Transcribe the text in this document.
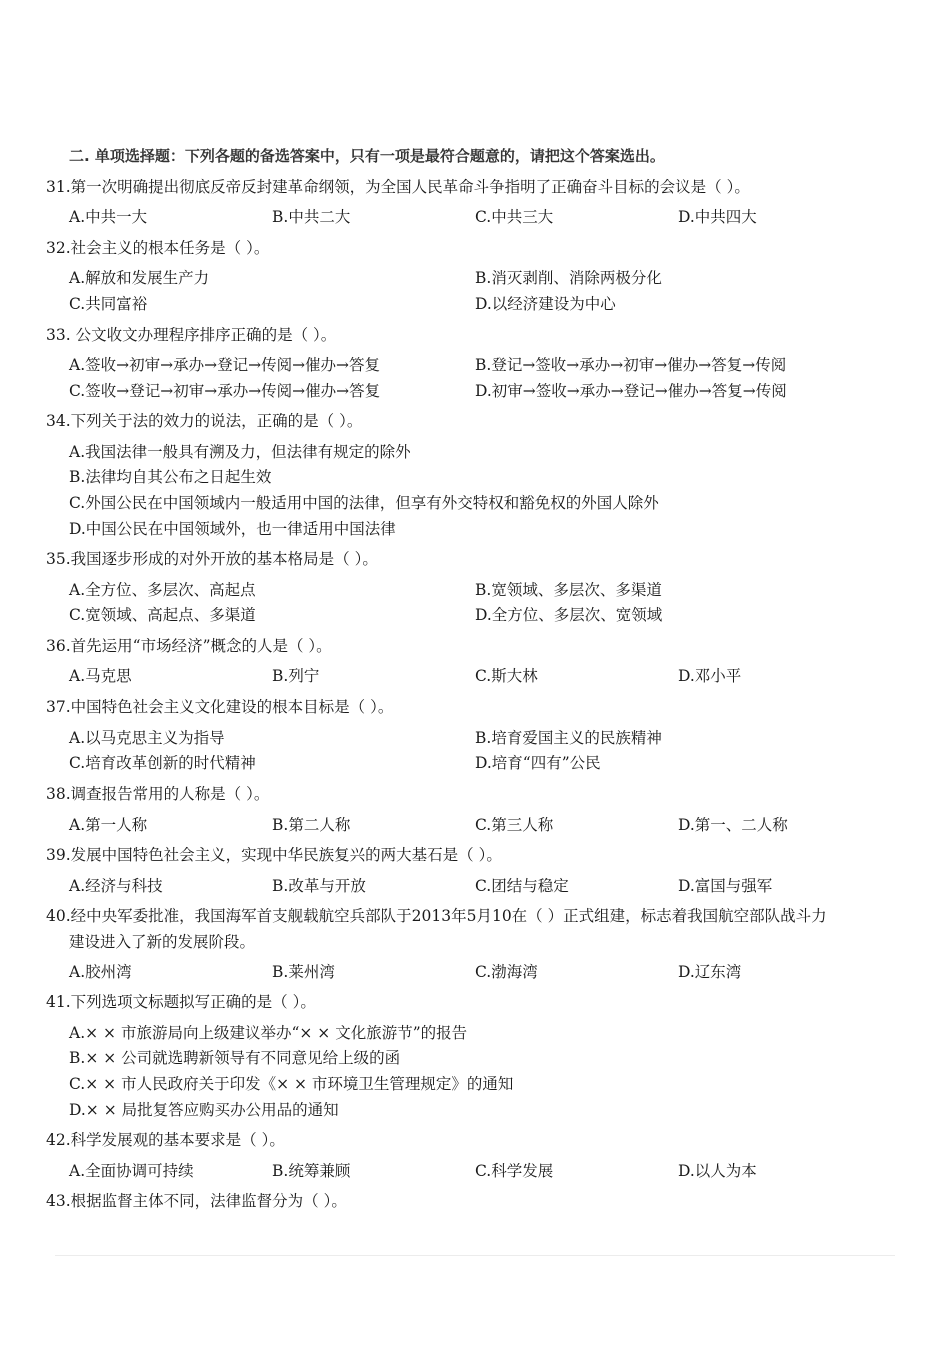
二. 单项选择题：下列各题的备选答案中，只有一项是最符合题意的，请把这个答案选出。
31.第一次明确提出彻底反帝反封建革命纲领，为全国人民革命斗争指明了正确奋斗目标的会议是（ ）。
A.中共一大	B.中共二大	C.中共三大	D.中共四大
32.社会主义的根本任务是（ ）。
A.解放和发展生产力	B.消灭剥削、消除两极分化
C.共同富裕	D.以经济建设为中心
33. 公文收文办理程序排序正确的是（ ）。
A.签收→初审→承办→登记→传阅→催办→答复	B.登记→签收→承办→初审→催办→答复→传阅
C.签收→登记→初审→承办→传阅→催办→答复	D.初审→签收→承办→登记→催办→答复→传阅
34.下列关于法的效力的说法，正确的是（ ）。
A.我国法律一般具有溯及力，但法律有规定的除外
B.法律均自其公布之日起生效
C.外国公民在中国领域内一般适用中国的法律，但享有外交特权和豁免权的外国人除外
D.中国公民在中国领域外，也一律适用中国法律
35.我国逐步形成的对外开放的基本格局是（ ）。
A.全方位、多层次、高起点	B.宽领域、多层次、多渠道
C.宽领域、高起点、多渠道	D.全方位、多层次、宽领域
36.首先运用“市场经济”概念的人是（ ）。
A.马克思	B.列宁	C.斯大林	D.邓小平
37.中国特色社会主义文化建设的根本目标是（ ）。
A.以马克思主义为指导	B.培育爱国主义的民族精神
C.培育改革创新的时代精神	D.培育“四有”公民
38.调查报告常用的人称是（ ）。
A.第一人称	B.第二人称	C.第三人称	D.第一、二人称
39.发展中国特色社会主义，实现中华民族复兴的两大基石是（ ）。
A.经济与科技	B.改革与开放	C.团结与稳定	D.富国与强军
40.经中央军委批准，我国海军首支舰载航空兵部队于2013年5月10在（ ）正式组建，标志着我国航空部队战斗力
建设进入了新的发展阶段。
A.胶州湾	B.莱州湾	C.渤海湾	D.辽东湾
41.下列选项文标题拟写正确的是（ ）。
A.× × 市旅游局向上级建议举办“× × 文化旅游节”的报告
B.× × 公司就选聘新领导有不同意见给上级的函
C.× × 市人民政府关于印发《× × 市环境卫生管理规定》的通知
D.× × 局批复答应购买办公用品的通知
42.科学发展观的基本要求是（ ）。
A.全面协调可持续	B.统筹兼顾	C.科学发展	D.以人为本
43.根据监督主体不同，法律监督分为（ ）。
